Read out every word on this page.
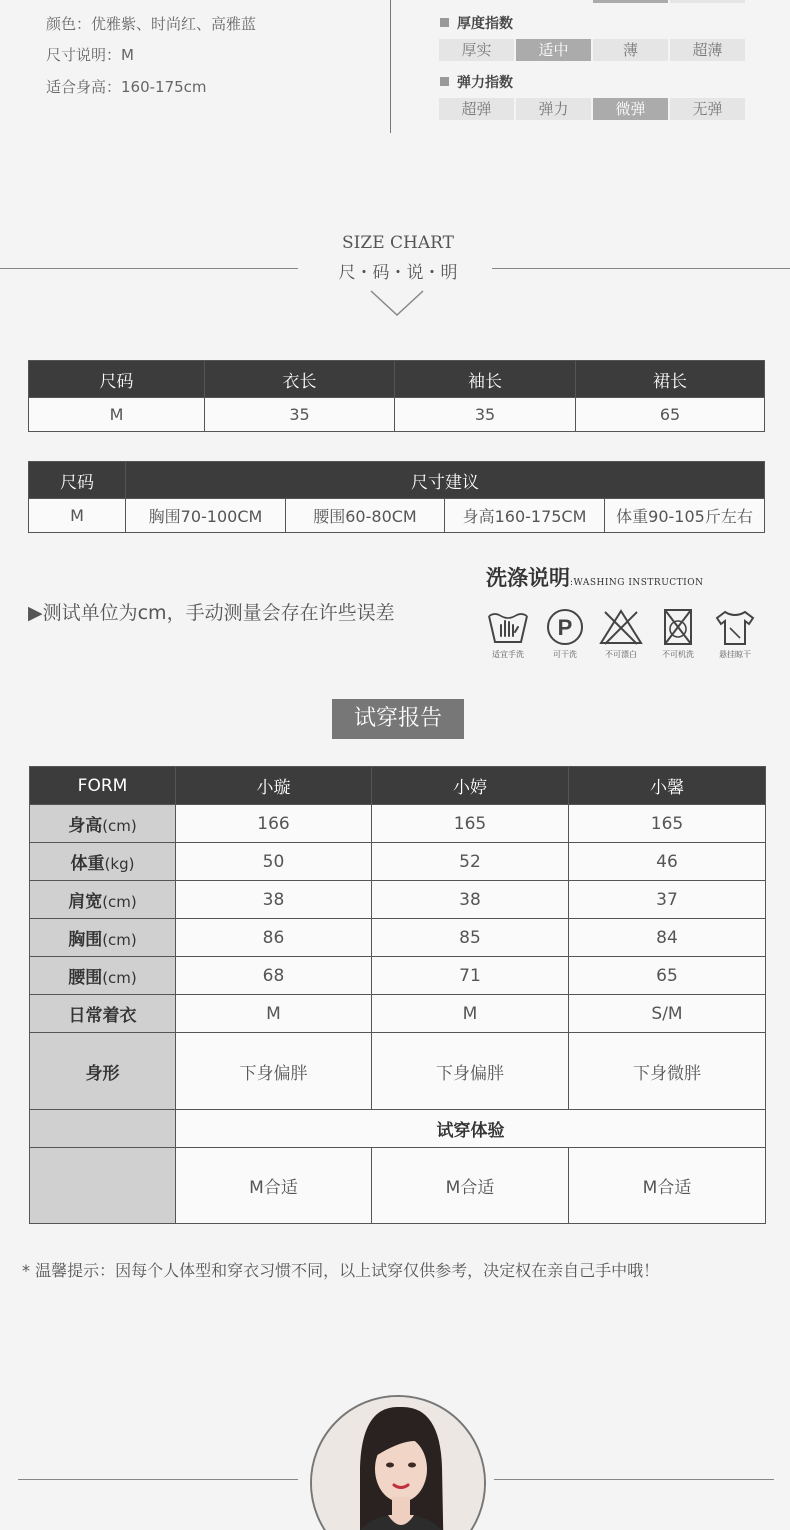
颜色：优雅紫、时尚红、高雅蓝
尺寸说明：M
适合身高：160-175cm
厚度指数
厚实	适中	薄	超薄
弹力指数
超弹	弹力	微弹	无弹
SIZE CHART
尺・码・说・明
尺码	衣长	袖长	裙长
M	35	35	65
尺码	尺寸建议			
M	胸围70-100CM	腰围60-80CM	身高160-175CM	体重90-105斤左右
▶测试单位为cm，手动测量会存在许些误差
洗涤说明:WASHING INSTRUCTION
适宜手洗
P
可干洗	不可漂白	不可机洗	悬挂晾干
试穿报告
FORM	小璇	小婷	小馨
身高(cm)	166	165	165
体重(kg)	50	52	46
肩宽(cm)	38	38	37
胸围(cm)	86	85	84
腰围(cm)	68	71	65
日常着衣	M	M	S/M
身形	下身偏胖	下身偏胖	下身微胖
	试穿体验		
	M合适	M合适	M合适
* 温馨提示：因每个人体型和穿衣习惯不同，以上试穿仅供参考，决定权在亲自己手中哦！
